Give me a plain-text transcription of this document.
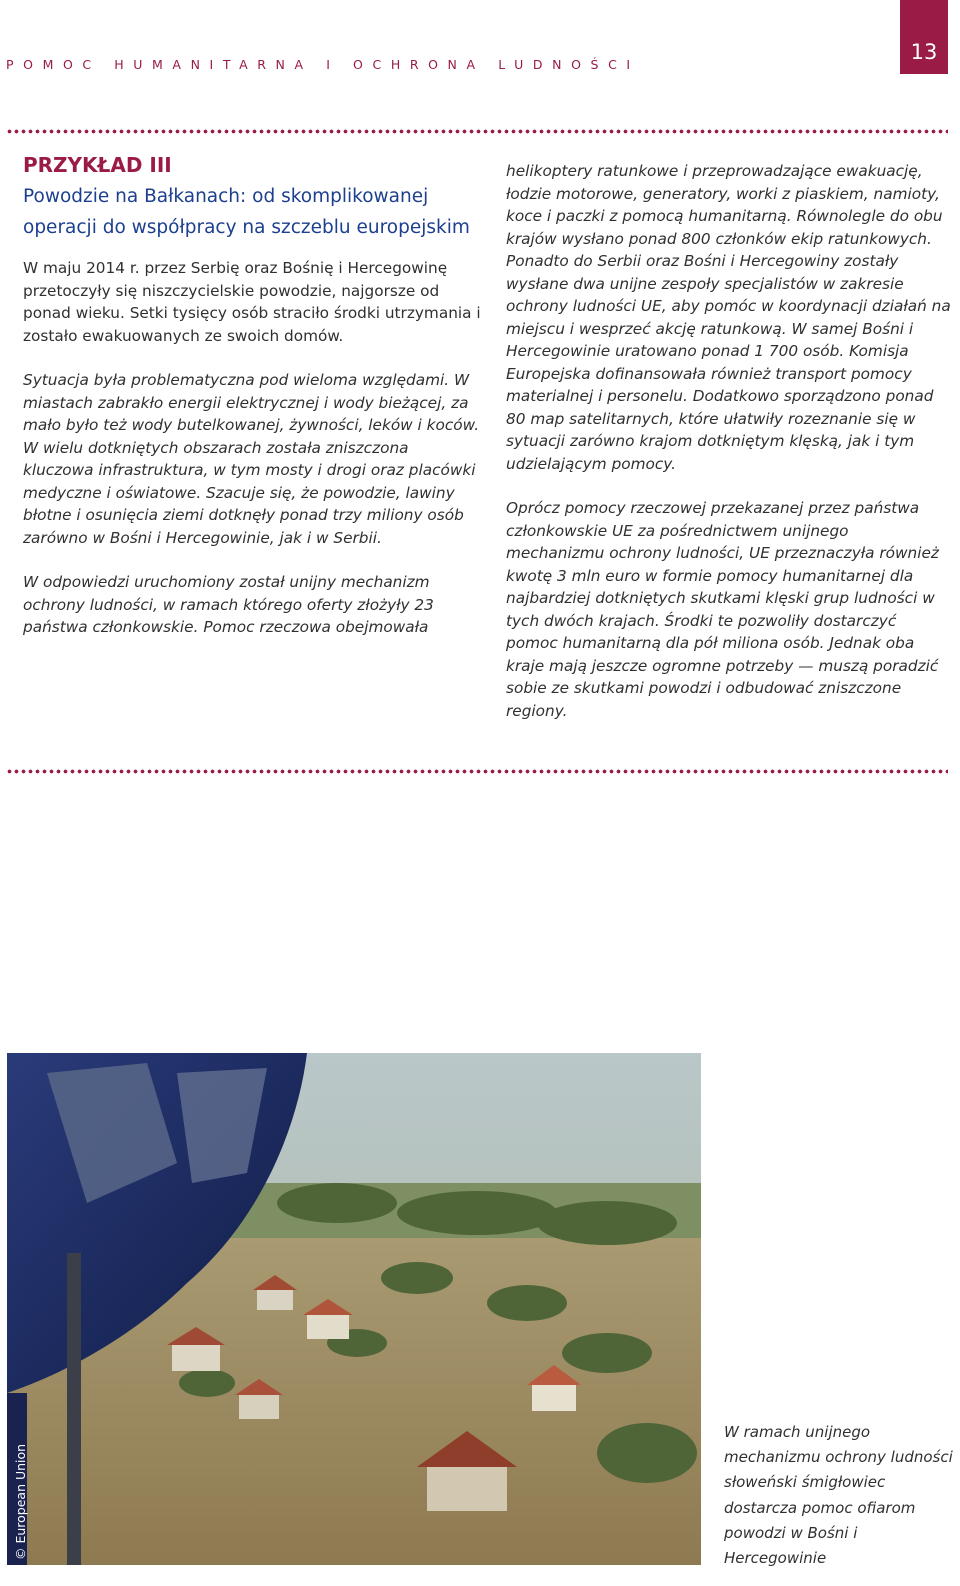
POMOC HUMANITARNA I OCHRONA LUDNOŚCI
13
PRZYKŁAD III
Powodzie na Bałkanach: od skomplikowanej operacji do współpracy na szczeblu europejskim

W maju 2014 r. przez Serbię oraz Bośnię i Hercegowinę przetoczyły się niszczycielskie powodzie, najgorsze od ponad wieku. Setki tysięcy osób straciło środki utrzymania i zostało ewakuowanych ze swoich domów.

Sytuacja była problematyczna pod wieloma względami. W miastach zabrakło energii elektrycznej i wody bieżącej, za mało było też wody butelkowanej, żywności, leków i koców. W wielu dotkniętych obszarach została zniszczona kluczowa infrastruktura, w tym mosty i drogi oraz placówki medyczne i oświatowe. Szacuje się, że powodzie, lawiny błotne i osunięcia ziemi dotknęły ponad trzy miliony osób zarówno w Bośni i Hercegowinie, jak i w Serbii.

W odpowiedzi uruchomiony został unijny mechanizm ochrony ludności, w ramach którego oferty złożyły 23 państwa członkowskie. Pomoc rzeczowa obejmowała

helikoptery ratunkowe i przeprowadzające ewakuację, łodzie motorowe, generatory, worki z piaskiem, namioty, koce i paczki z pomocą humanitarną. Równolegle do obu krajów wysłano ponad 800 członków ekip ratunkowych. Ponadto do Serbii oraz Bośni i Hercegowiny zostały wysłane dwa unijne zespoły specjalistów w zakresie ochrony ludności UE, aby pomóc w koordynacji działań na miejscu i wesprzeć akcję ratunkową. W samej Bośni i Hercegowinie uratowano ponad 1 700 osób. Komisja Europejska dofinansowała również transport pomocy materialnej i personelu. Dodatkowo sporządzono ponad 80 map satelitarnych, które ułatwiły rozeznanie się w sytuacji zarówno krajom dotkniętym klęską, jak i tym udzielającym pomocy.

Oprócz pomocy rzeczowej przekazanej przez państwa członkowskie UE za pośrednictwem unijnego mechanizmu ochrony ludności, UE przeznaczyła również kwotę 3 mln euro w formie pomocy humanitarnej dla najbardziej dotkniętych skutkami klęski grup ludności w tych dwóch krajach. Środki te pozwoliły dostarczyć pomoc humanitarną dla pół miliona osób. Jednak oba kraje mają jeszcze ogromne potrzeby — muszą poradzić sobie ze skutkami powodzi i odbudować zniszczone regiony.

© European Union
W ramach unijnego mechanizmu ochrony ludności słoweński śmigłowiec dostarcza pomoc ofiarom powodzi w Bośni i Hercegowinie
